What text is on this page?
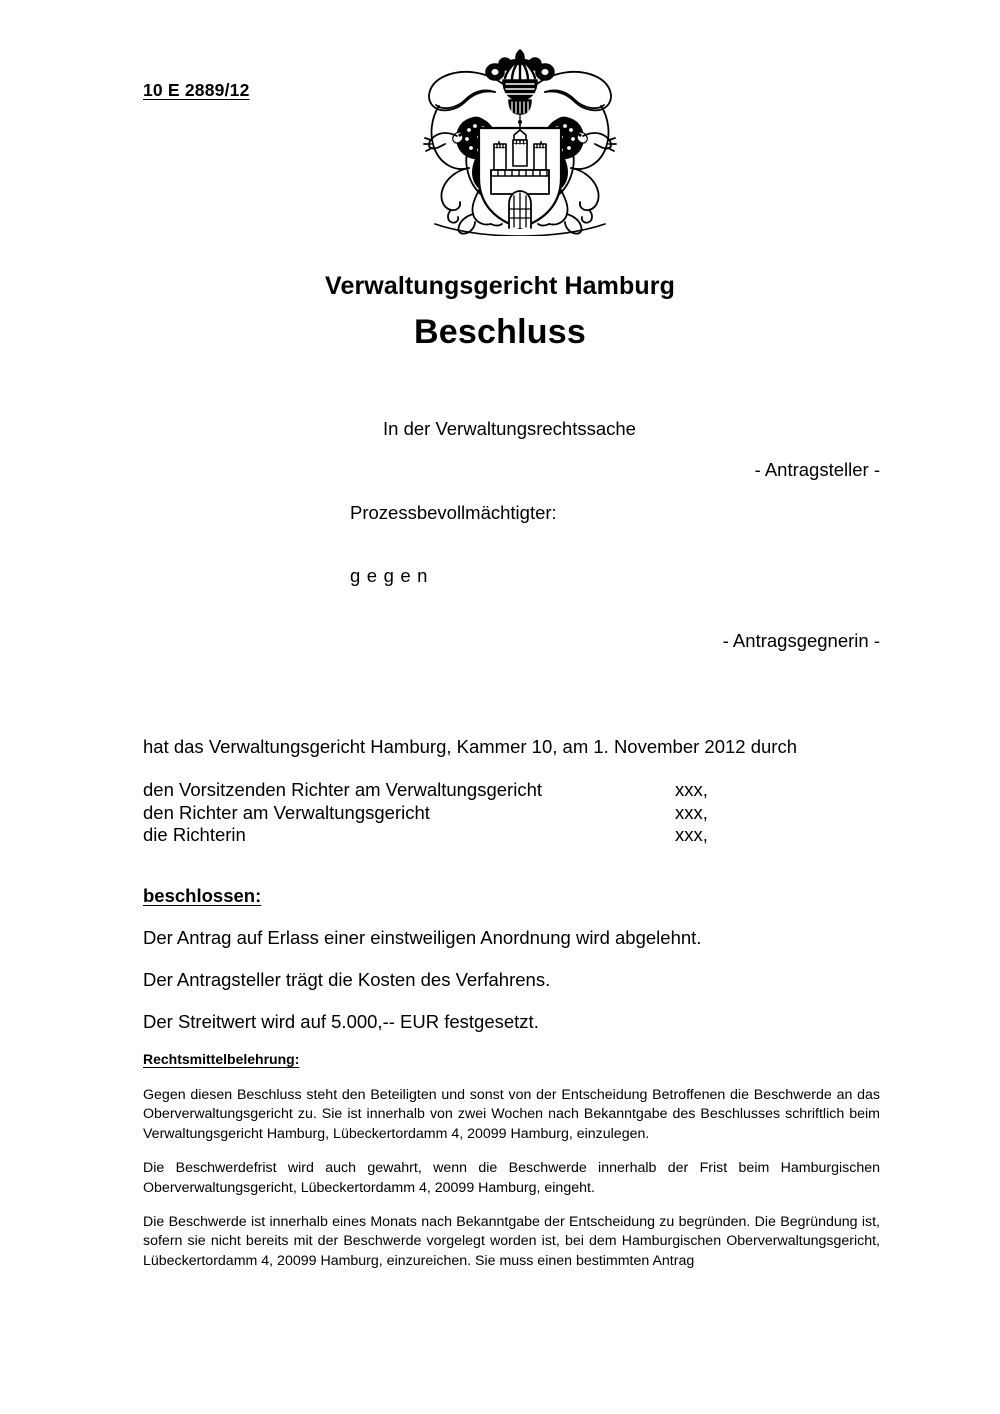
10 E 2889/12
Verwaltungsgericht Hamburg
Beschluss
In der Verwaltungsrechtssache
- Antragsteller -
Prozessbevollmächtigter:
gegen
- Antragsgegnerin -
hat das Verwaltungsgericht Hamburg, Kammer 10, am 1. November 2012 durch
den Vorsitzenden Richter am Verwaltungsgericht	xxx,
den Richter am Verwaltungsgericht	xxx,
die Richterin	xxx,
beschlossen:
Der Antrag auf Erlass einer einstweiligen Anordnung wird abgelehnt.
Der Antragsteller trägt die Kosten des Verfahrens.
Der Streitwert wird auf 5.000,-- EUR festgesetzt.
Rechtsmittelbelehrung:

Gegen diesen Beschluss steht den Beteiligten und sonst von der Entscheidung Betroffenen die Beschwerde an das Oberverwaltungsgericht zu. Sie ist innerhalb von zwei Wochen nach Bekanntgabe des Beschlusses schriftlich beim Verwaltungsgericht Hamburg, Lübeckertordamm 4, 20099 Hamburg, einzulegen.

Die Beschwerdefrist wird auch gewahrt, wenn die Beschwerde innerhalb der Frist beim Hamburgischen Oberverwaltungsgericht, Lübeckertordamm 4, 20099 Hamburg, eingeht.

Die Beschwerde ist innerhalb eines Monats nach Bekanntgabe der Entscheidung zu begründen. Die Begründung ist, sofern sie nicht bereits mit der Beschwerde vorgelegt worden ist, bei dem Hamburgischen Oberverwaltungsgericht, Lübeckertordamm 4, 20099 Hamburg, einzureichen. Sie muss einen bestimmten Antrag
